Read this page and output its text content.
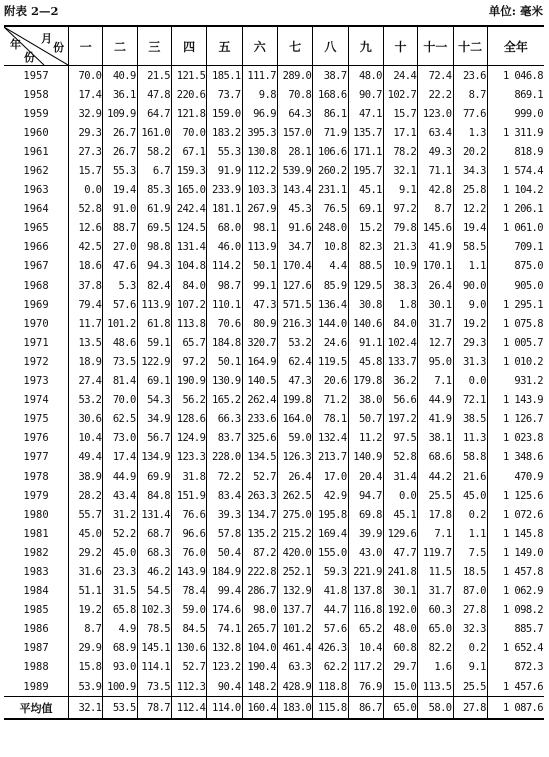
附表 2—2	单位: 毫米
月
份
年
份	一	二	三	四	五	六	七	八	九	十	十一	十二	全年
1957	70.0	40.9	21.5	121.5	185.1	111.7	289.0	38.7	48.0	24.4	72.4	23.6	1 046.8
1958	17.4	36.1	47.8	220.6	73.7	9.8	70.8	168.6	90.7	102.7	22.2	8.7	869.1
1959	32.9	109.9	64.7	121.8	159.0	96.9	64.3	86.1	47.1	15.7	123.0	77.6	999.0
1960	29.3	26.7	161.0	70.0	183.2	395.3	157.0	71.9	135.7	17.1	63.4	1.3	1 311.9
1961	27.3	26.7	58.2	67.1	55.3	130.8	28.1	106.6	171.1	78.2	49.3	20.2	818.9
1962	15.7	55.3	6.7	159.3	91.9	112.2	539.9	260.2	195.7	32.1	71.1	34.3	1 574.4
1963	0.0	19.4	85.3	165.0	233.9	103.3	143.4	231.1	45.1	9.1	42.8	25.8	1 104.2
1964	52.8	91.0	61.9	242.4	181.1	267.9	45.3	76.5	69.1	97.2	8.7	12.2	1 206.1
1965	12.6	88.7	69.5	124.5	68.0	98.1	91.6	248.0	15.2	79.8	145.6	19.4	1 061.0
1966	42.5	27.0	98.8	131.4	46.0	113.9	34.7	10.8	82.3	21.3	41.9	58.5	709.1
1967	18.6	47.6	94.3	104.8	114.2	50.1	170.4	4.4	88.5	10.9	170.1	1.1	875.0
1968	37.8	5.3	82.4	84.0	98.7	99.1	127.6	85.9	129.5	38.3	26.4	90.0	905.0
1969	79.4	57.6	113.9	107.2	110.1	47.3	571.5	136.4	30.8	1.8	30.1	9.0	1 295.1
1970	11.7	101.2	61.8	113.8	70.6	80.9	216.3	144.0	140.6	84.0	31.7	19.2	1 075.8
1971	13.5	48.6	59.1	65.7	184.8	320.7	53.2	24.6	91.1	102.4	12.7	29.3	1 005.7
1972	18.9	73.5	122.9	97.2	50.1	164.9	62.4	119.5	45.8	133.7	95.0	31.3	1 010.2
1973	27.4	81.4	69.1	190.9	130.9	140.5	47.3	20.6	179.8	36.2	7.1	0.0	931.2
1974	53.2	70.0	54.3	56.2	165.2	262.4	199.8	71.2	38.0	56.6	44.9	72.1	1 143.9
1975	30.6	62.5	34.9	128.6	66.3	233.6	164.0	78.1	50.7	197.2	41.9	38.5	1 126.7
1976	10.4	73.0	56.7	124.9	83.7	325.6	59.0	132.4	11.2	97.5	38.1	11.3	1 023.8
1977	49.4	17.4	134.9	123.3	228.0	134.5	126.3	213.7	140.9	52.8	68.6	58.8	1 348.6
1978	38.9	44.9	69.9	31.8	72.2	52.7	26.4	17.0	20.4	31.4	44.2	21.6	470.9
1979	28.2	43.4	84.8	151.9	83.4	263.3	262.5	42.9	94.7	0.0	25.5	45.0	1 125.6
1980	55.7	31.2	131.4	76.6	39.3	134.7	275.0	195.8	69.8	45.1	17.8	0.2	1 072.6
1981	45.0	52.2	68.7	96.6	57.8	135.2	215.2	169.4	39.9	129.6	7.1	1.1	1 145.8
1982	29.2	45.0	68.3	76.0	50.4	87.2	420.0	155.0	43.0	47.7	119.7	7.5	1 149.0
1983	31.6	23.3	46.2	143.9	184.9	222.8	252.1	59.3	221.9	241.8	11.5	18.5	1 457.8
1984	51.1	31.5	54.5	78.4	99.4	286.7	132.9	41.8	137.8	30.1	31.7	87.0	1 062.9
1985	19.2	65.8	102.3	59.0	174.6	98.0	137.7	44.7	116.8	192.0	60.3	27.8	1 098.2
1986	8.7	4.9	78.5	84.5	74.1	265.7	101.2	57.6	65.2	48.0	65.0	32.3	885.7
1987	29.9	68.9	145.1	130.6	132.8	104.0	461.4	426.3	10.4	60.8	82.2	0.2	1 652.4
1988	15.8	93.0	114.1	52.7	123.2	190.4	63.3	62.2	117.2	29.7	1.6	9.1	872.3
1989	53.9	100.9	73.5	112.3	90.4	148.2	428.9	118.8	76.9	15.0	113.5	25.5	1 457.6
平均值	32.1	53.5	78.7	112.4	114.0	160.4	183.0	115.8	86.7	65.0	58.0	27.8	1 087.6
